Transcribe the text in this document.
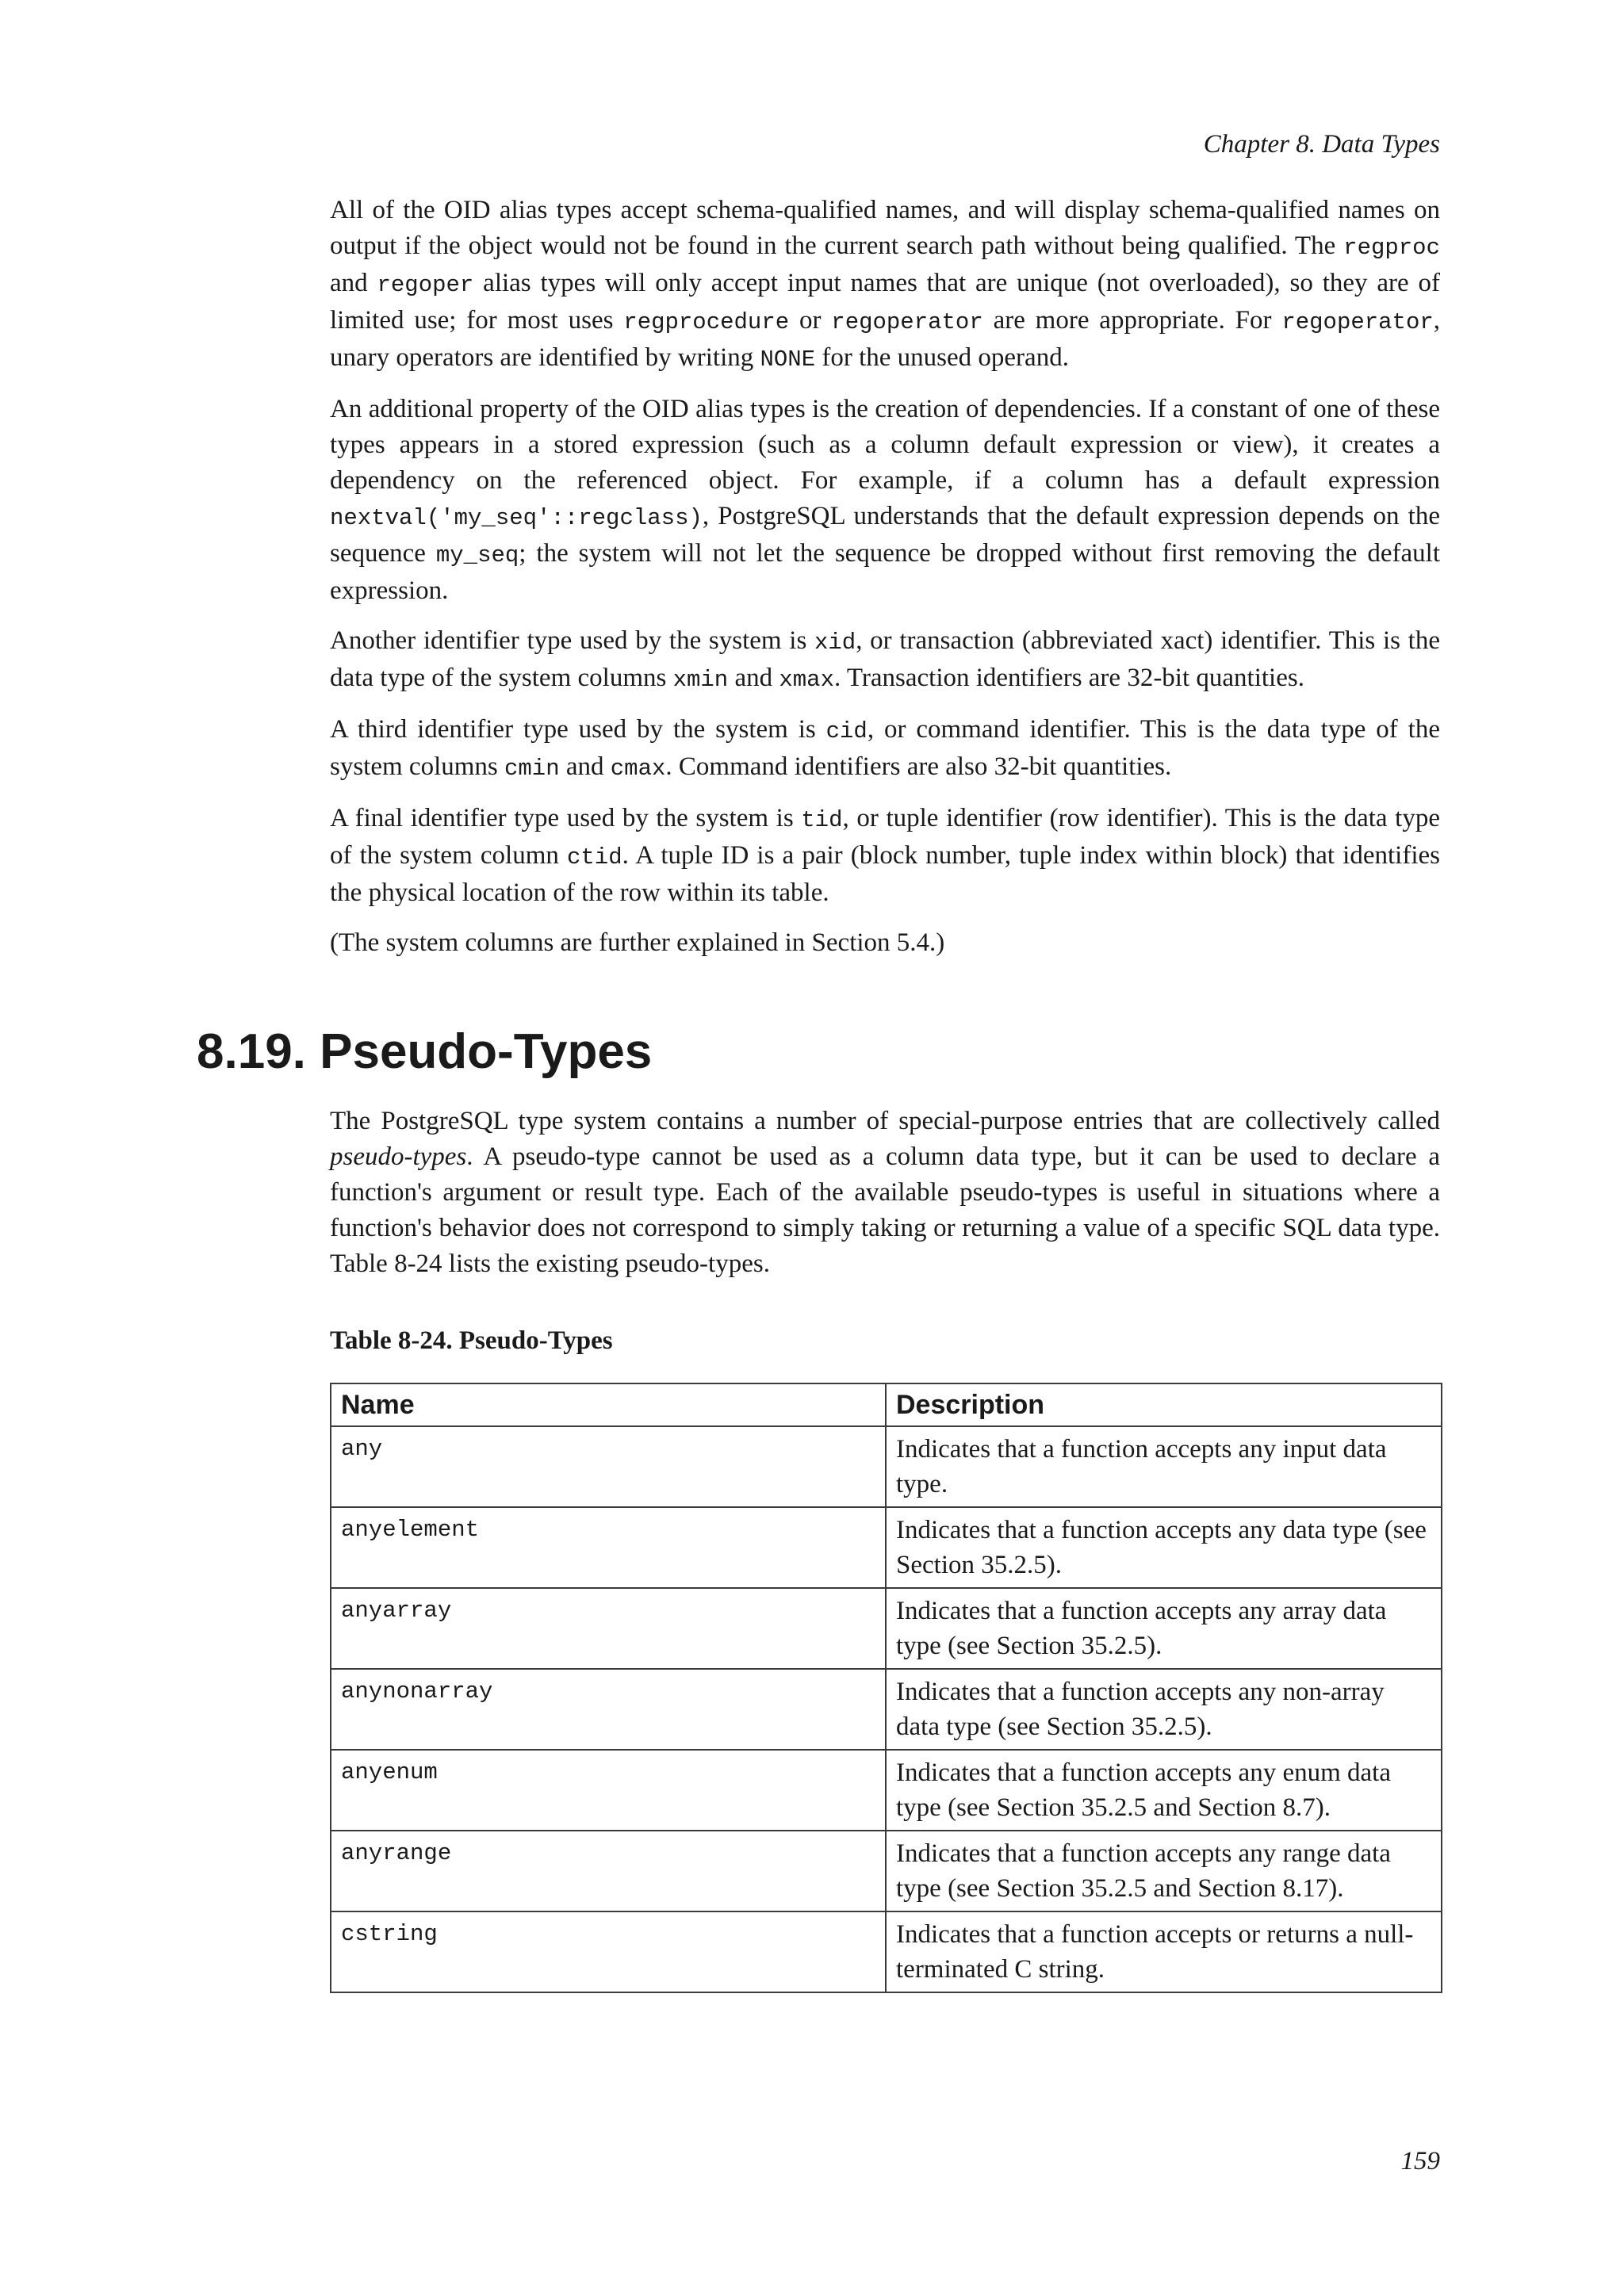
Chapter 8. Data Types

All of the OID alias types accept schema-qualified names, and will display schema-qualified names on output if the object would not be found in the current search path without being qualified. The regproc and regoper alias types will only accept input names that are unique (not overloaded), so they are of limited use; for most uses regprocedure or regoperator are more appropriate. For regoperator, unary operators are identified by writing NONE for the unused operand.

An additional property of the OID alias types is the creation of dependencies. If a constant of one of these types appears in a stored expression (such as a column default expression or view), it creates a dependency on the referenced object. For example, if a column has a default expression nextval('my_seq'::regclass), PostgreSQL understands that the default expression depends on the sequence my_seq; the system will not let the sequence be dropped without first removing the default expression.

Another identifier type used by the system is xid, or transaction (abbreviated xact) identifier. This is the data type of the system columns xmin and xmax. Transaction identifiers are 32-bit quantities.

A third identifier type used by the system is cid, or command identifier. This is the data type of the system columns cmin and cmax. Command identifiers are also 32-bit quantities.

A final identifier type used by the system is tid, or tuple identifier (row identifier). This is the data type of the system column ctid. A tuple ID is a pair (block number, tuple index within block) that identifies the physical location of the row within its table.

(The system columns are further explained in Section 5.4.)

8.19. Pseudo-Types

The PostgreSQL type system contains a number of special-purpose entries that are collectively called pseudo-types. A pseudo-type cannot be used as a column data type, but it can be used to declare a function's argument or result type. Each of the available pseudo-types is useful in situations where a function's behavior does not correspond to simply taking or returning a value of a specific SQL data type. Table 8-24 lists the existing pseudo-types.

Table 8-24. Pseudo-Types
Name	Description
any	Indicates that a function accepts any input data type.
anyelement	Indicates that a function accepts any data type (see Section 35.2.5).
anyarray	Indicates that a function accepts any array data type (see Section 35.2.5).
anynonarray	Indicates that a function accepts any non-array data type (see Section 35.2.5).
anyenum	Indicates that a function accepts any enum data type (see Section 35.2.5 and Section 8.7).
anyrange	Indicates that a function accepts any range data type (see Section 35.2.5 and Section 8.17).
cstring	Indicates that a function accepts or returns a null-terminated C string.
159
